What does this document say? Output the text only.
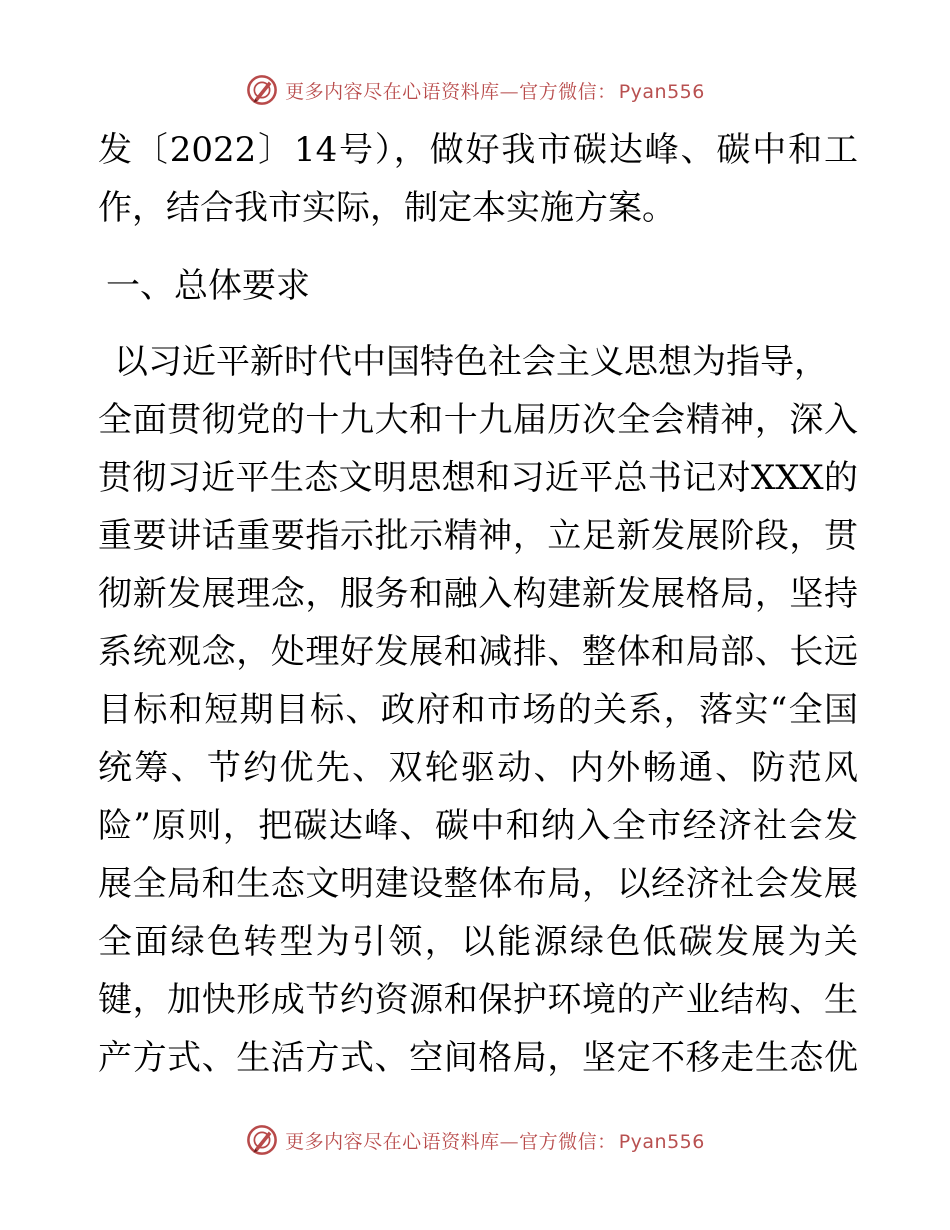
更多内容尽在心语资料库—官方微信： Pyan556
发〔2022〕14号），做好我市碳达峰、碳中和工
作，结合我市实际，制定本实施方案。
一、总体要求
以习近平新时代中国特色社会主义思想为指导，
全面贯彻党的十九大和十九届历次全会精神，深入
贯彻习近平生态文明思想和习近平总书记对XXX的
重要讲话重要指示批示精神，立足新发展阶段，贯
彻新发展理念，服务和融入构建新发展格局，坚持
系统观念，处理好发展和减排、整体和局部、长远
目标和短期目标、政府和市场的关系，落实“全国
统筹、节约优先、双轮驱动、内外畅通、防范风
险”原则，把碳达峰、碳中和纳入全市经济社会发
展全局和生态文明建设整体布局，以经济社会发展
全面绿色转型为引领，以能源绿色低碳发展为关
键，加快形成节约资源和保护环境的产业结构、生
产方式、生活方式、空间格局，坚定不移走生态优
更多内容尽在心语资料库—官方微信： Pyan556
